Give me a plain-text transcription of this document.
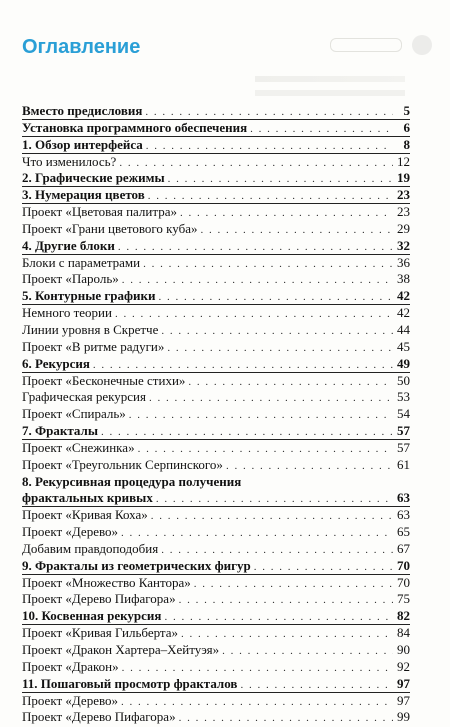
Оглавление
Вместо предисловия . . .	5
Установка программного обеспечения . . .	6
1. Обзор интерфейса . . .	8
Что изменилось? . . .	12
2. Графические режимы . . .	19
3. Нумерация цветов . . .	23
Проект «Цветовая палитра» . . .	23
Проект «Грани цветового куба» . . .	29
4. Другие блоки . . .	32
Блоки с параметрами . . .	36
Проект «Пароль» . . .	38
5. Контурные графики . . .	42
Немного теории . . .	42
Линии уровня в Скретче . . .	44
Проект «В ритме радуги» . . .	45
6. Рекурсия . . .	49
Проект «Бесконечные стихи» . . .	50
Графическая рекурсия . . .	53
Проект «Спираль» . . .	54
7. Фракталы . . .	57
Проект «Снежинка» . . .	57
Проект «Треугольник Серпинского» . . .	61
8. Рекурсивная процедура получения
фрактальных кривых . . .	63
Проект «Кривая Коха» . . .	63
Проект «Дерево» . . .	65
Добавим правдоподобия . . .	67
9. Фракталы из геометрических фигур . . .	70
Проект «Множество Кантора» . . .	70
Проект «Дерево Пифагора» . . .	75
10. Косвенная рекурсия . . .	82
Проект «Кривая Гильберта» . . .	84
Проект «Дракон Хартера–Хейтуэя» . . .	90
Проект «Дракон» . . .	92
11. Пошаговый просмотр фракталов . . .	97
Проект «Дерево» . . .	97
Проект «Дерево Пифагора» . . .	99
